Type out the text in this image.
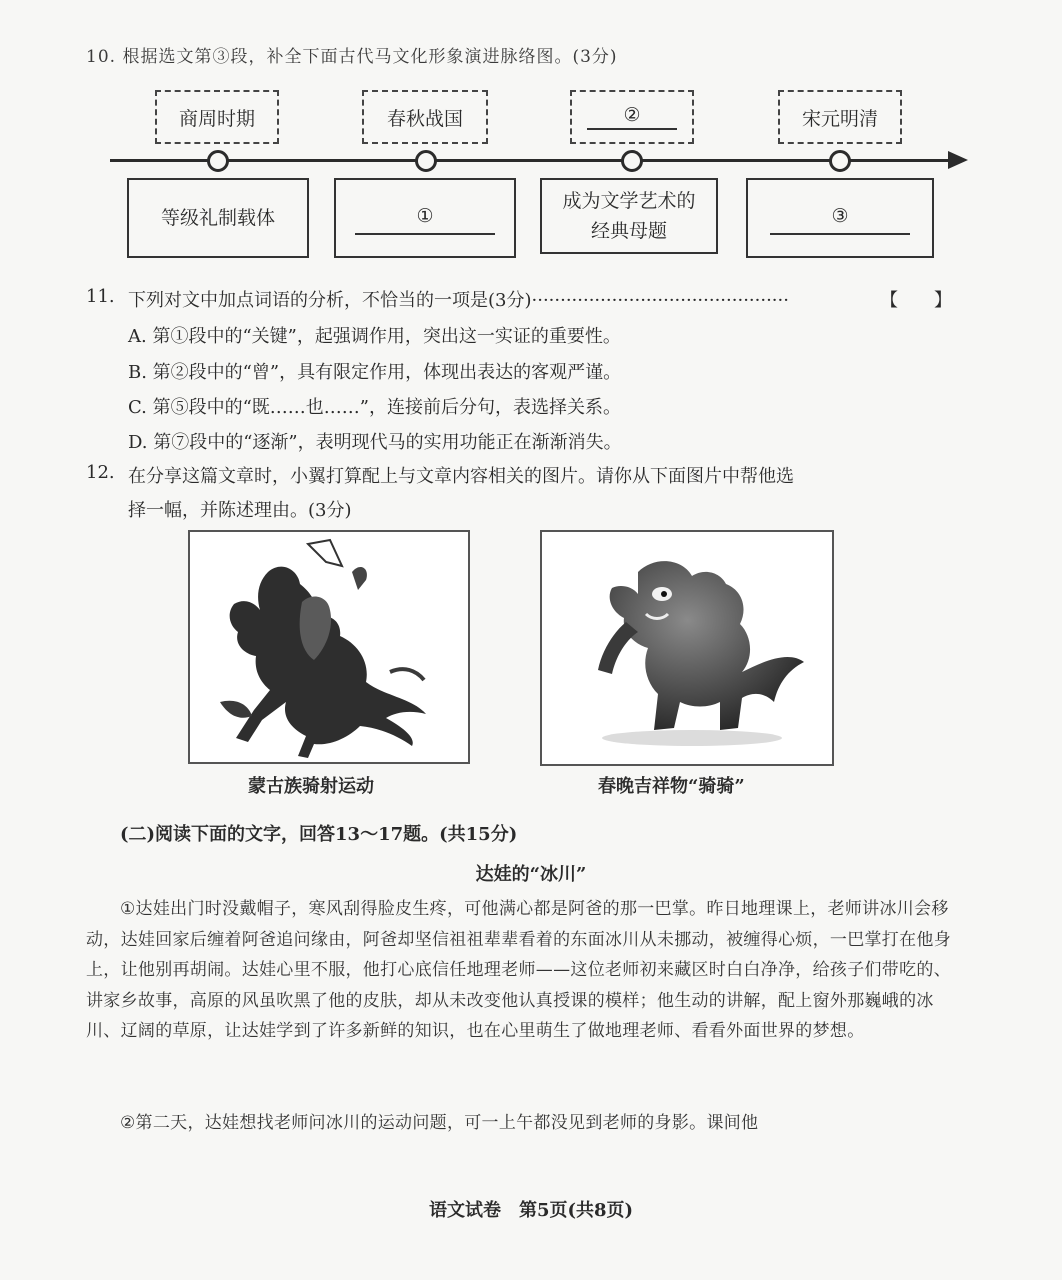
10. 根据选文第③段，补全下面古代马文化形象演进脉络图。(3分)
商周时期	春秋战国	②	宋元明清
等级礼制载体	①
成为文学艺术的经典母题
③
11. 下列对文中加点词语的分析，不恰当的一项是(3分)·············································	【　　】
A. 第①段中的“关键”，起强调作用，突出这一实证的重要性。
B. 第②段中的“曾”，具有限定作用，体现出表达的客观严谨。
C. 第⑤段中的“既……也……”，连接前后分句，表选择关系。
D. 第⑦段中的“逐渐”，表明现代马的实用功能正在渐渐消失。
12. 在分享这篇文章时，小翼打算配上与文章内容相关的图片。请你从下面图片中帮他选
择一幅，并陈述理由。(3分)
蒙古族骑射运动	春晚吉祥物“骑骑”
(二)阅读下面的文字，回答13～17题。(共15分)
达娃的“冰川”
①达娃出门时没戴帽子，寒风刮得脸皮生疼，可他满心都是阿爸的那一巴掌。昨日地理课上，老师讲冰川会移动，达娃回家后缠着阿爸追问缘由，阿爸却坚信祖祖辈辈看着的东面冰川从未挪动，被缠得心烦，一巴掌打在他身上，让他别再胡闹。达娃心里不服，他打心底信任地理老师——这位老师初来藏区时白白净净，给孩子们带吃的、讲家乡故事，高原的风虽吹黑了他的皮肤，却从未改变他认真授课的模样；他生动的讲解，配上窗外那巍峨的冰川、辽阔的草原，让达娃学到了许多新鲜的知识，也在心里萌生了做地理老师、看看外面世界的梦想。
②第二天，达娃想找老师问冰川的运动问题，可一上午都没见到老师的身影。课间他
语文试卷　第5页(共8页)
